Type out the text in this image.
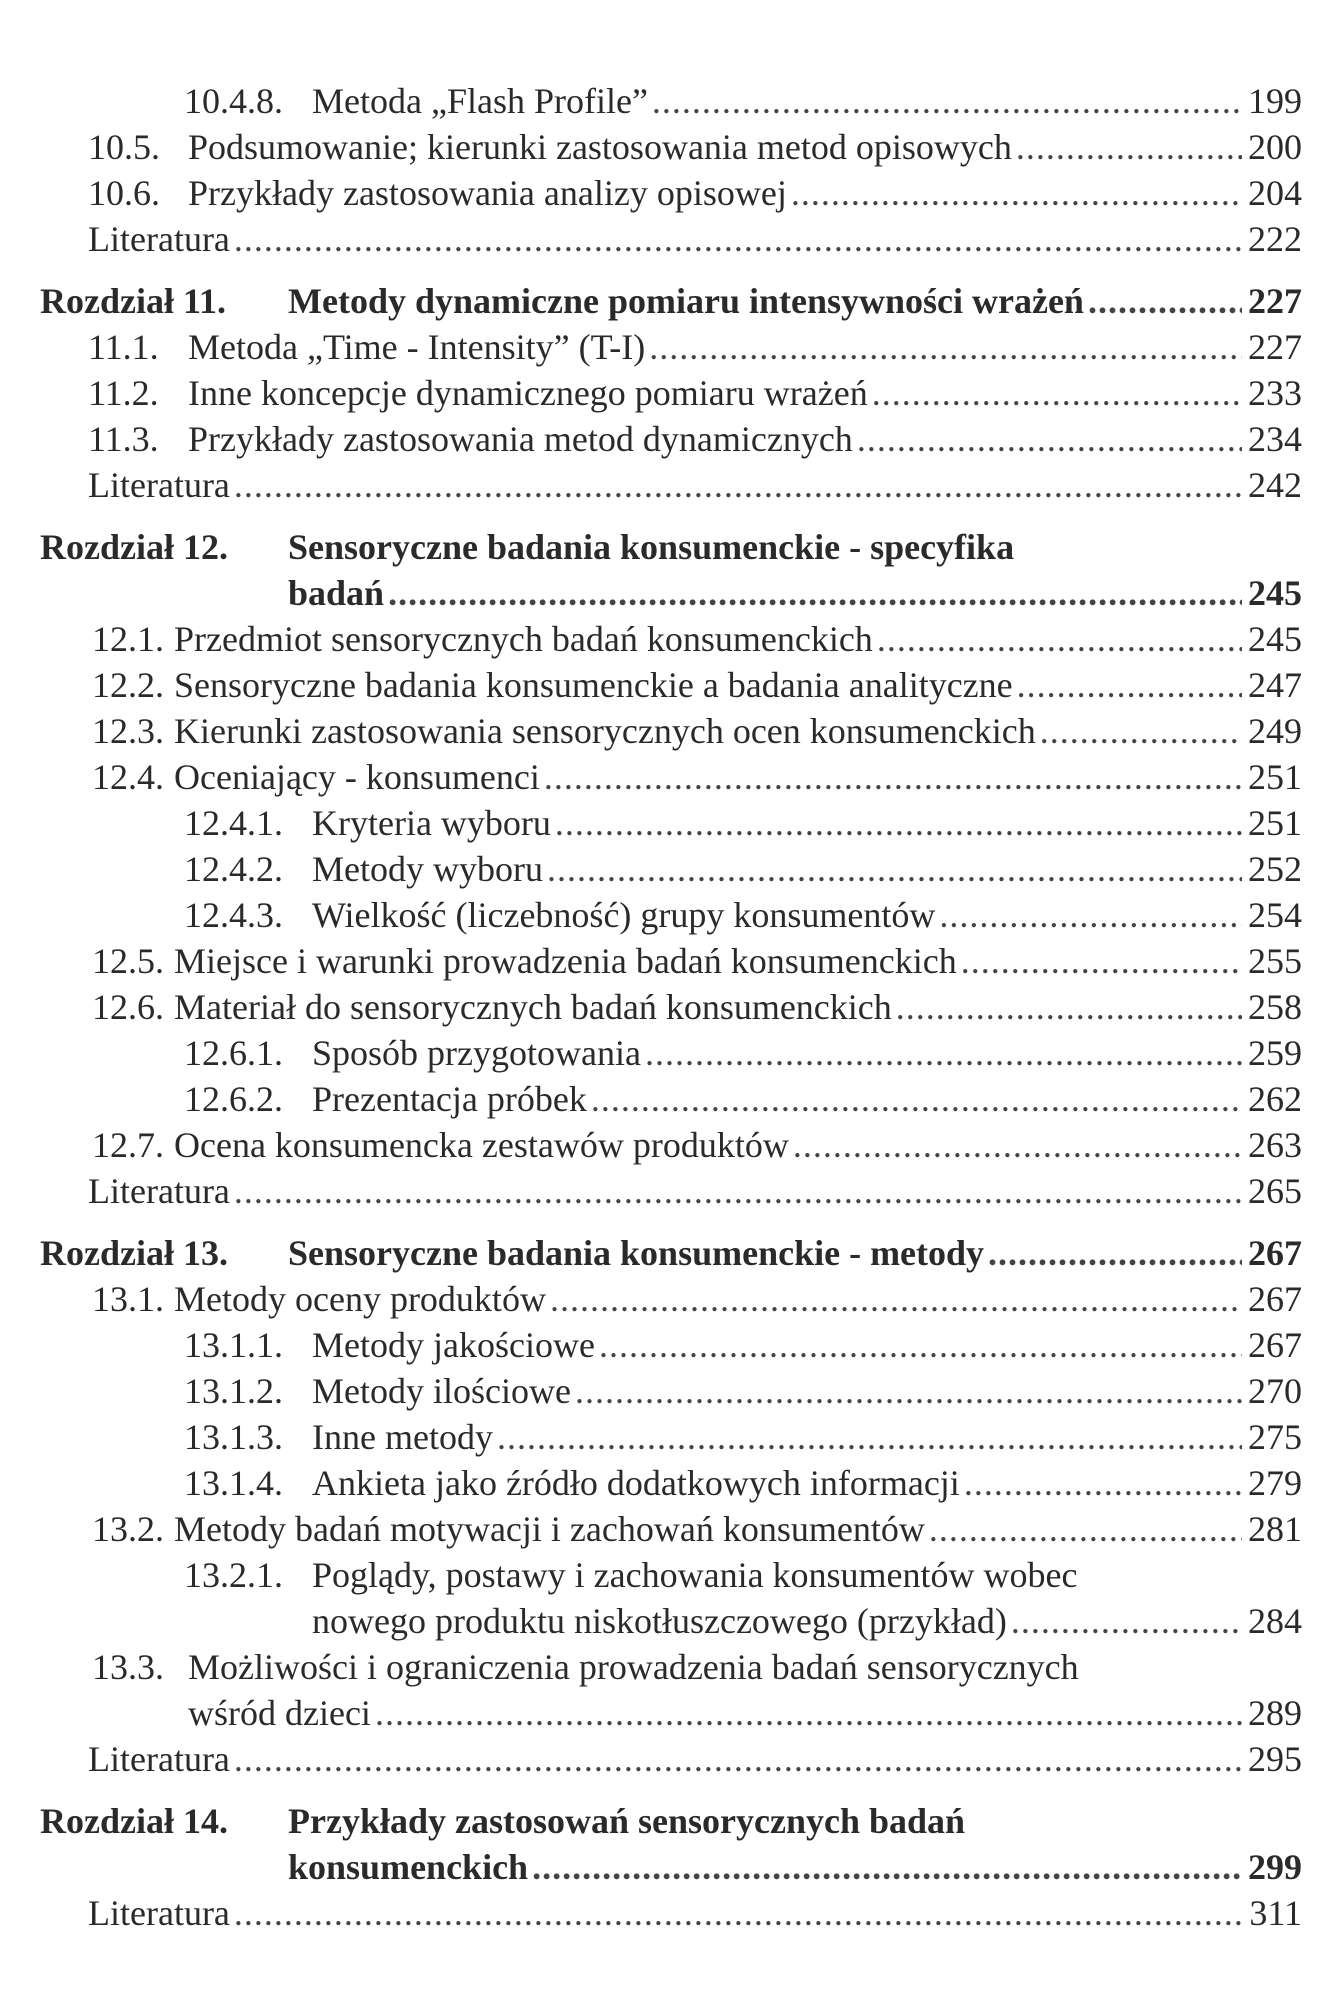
10.4.8. Metoda „Flash Profile” .....	199
10.5. Podsumowanie; kierunki zastosowania metod opisowych .....	200
10.6. Przykłady zastosowania analizy opisowej .....	204
Literatura .....	222
Rozdział 11.	Metody dynamiczne pomiaru intensywności wrażeń .....	227
11.1. Metoda „Time - Intensity” (T-I) .....	227
11.2. Inne koncepcje dynamicznego pomiaru wrażeń .....	233
11.3. Przykłady zastosowania metod dynamicznych .....	234
Literatura .....	242
Rozdział 12. Sensoryczne badania konsumenckie - specyfika
badań .....	245
12.1. Przedmiot sensorycznych badań konsumenckich .....	245
12.2. Sensoryczne badania konsumenckie a badania analityczne .....	247
12.3. Kierunki zastosowania sensorycznych ocen konsumenckich .....	249
12.4. Oceniający - konsumenci .....	251
12.4.1. Kryteria wyboru .....	251
12.4.2. Metody wyboru .....	252
12.4.3. Wielkość (liczebność) grupy konsumentów .....	254
12.5. Miejsce i warunki prowadzenia badań konsumenckich .....	255
12.6. Materiał do sensorycznych badań konsumenckich .....	258
12.6.1. Sposób przygotowania .....	259
12.6.2. Prezentacja próbek .....	262
12.7. Ocena konsumencka zestawów produktów .....	263
Literatura .....	265
Rozdział 13.	Sensoryczne badania konsumenckie - metody .....	267
13.1. Metody oceny produktów .....	267
13.1.1. Metody jakościowe .....	267
13.1.2. Metody ilościowe .....	270
13.1.3. Inne metody .....	275
13.1.4. Ankieta jako źródło dodatkowych informacji .....	279
13.2. Metody badań motywacji i zachowań konsumentów .....	281
13.2.1. Poglądy, postawy i zachowania konsumentów wobec
nowego produktu niskotłuszczowego (przykład) .....	284
13.3. Możliwości i ograniczenia prowadzenia badań sensorycznych
wśród dzieci .....	289
Literatura .....	295
Rozdział 14. Przykłady zastosowań sensorycznych badań
konsumenckich .....	299
Literatura .....	311
